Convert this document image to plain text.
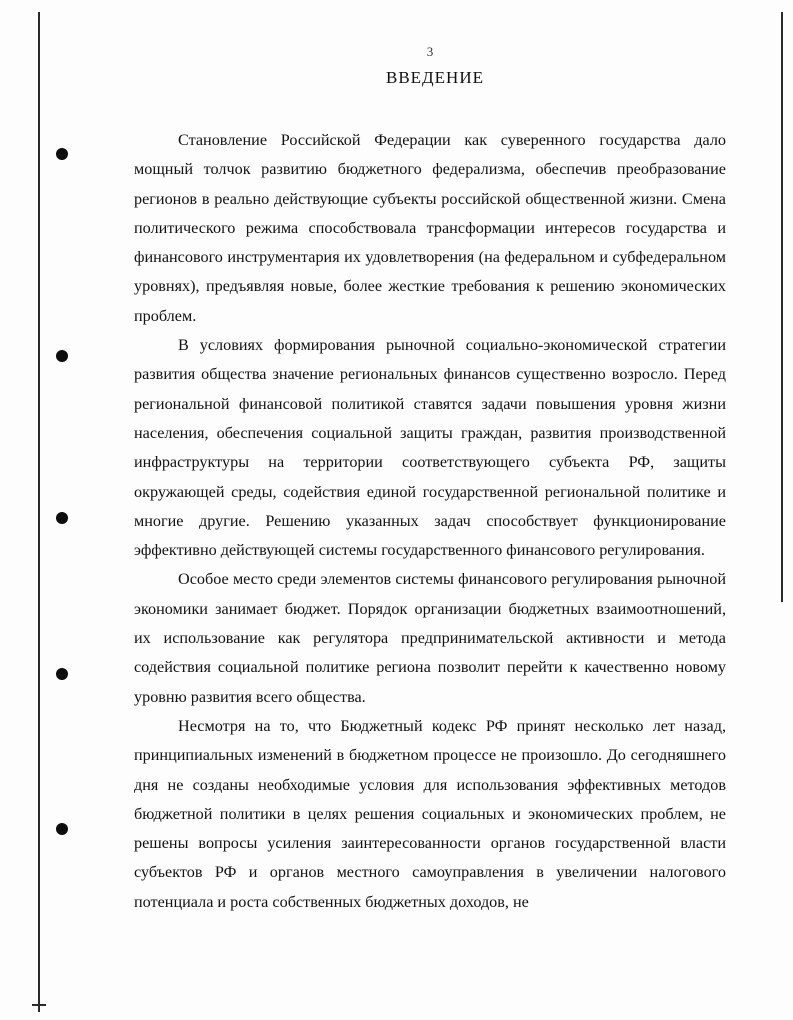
3
ВВЕДЕНИЕ

Становление Российской Федерации как суверенного государства дало мощный толчок развитию бюджетного федерализма, обеспечив преобразование регионов в реально действующие субъекты российской общественной жизни. Смена политического режима способствовала трансформации интересов государства и финансового инструментария их удовлетворения (на федеральном и субфедеральном уровнях), предъявляя новые, более жесткие требования к решению экономических проблем.

В условиях формирования рыночной социально-экономической стратегии развития общества значение региональных финансов существенно возросло. Перед региональной финансовой политикой ставятся задачи повышения уровня жизни населения, обеспечения социальной защиты граждан, развития производственной инфраструктуры на территории соответствующего субъекта РФ, защиты окружающей среды, содействия единой государственной региональной политике и многие другие. Решению указанных задач способствует функционирование эффективно действующей системы государственного финансового регулирования.

Особое место среди элементов системы финансового регулирования рыночной экономики занимает бюджет. Порядок организации бюджетных взаимоотношений, их использование как регулятора предпринимательской активности и метода содействия социальной политике региона позволит перейти к качественно новому уровню развития всего общества.

Несмотря на то, что Бюджетный кодекс РФ принят несколько лет назад, принципиальных изменений в бюджетном процессе не произошло. До сегодняшнего дня не созданы необходимые условия для использования эффективных методов бюджетной политики в целях решения социальных и экономических проблем, не решены вопросы усиления заинтересованности органов государственной власти субъектов РФ и органов местного самоуправления в увеличении налогового потенциала и роста собственных бюджетных доходов, не
